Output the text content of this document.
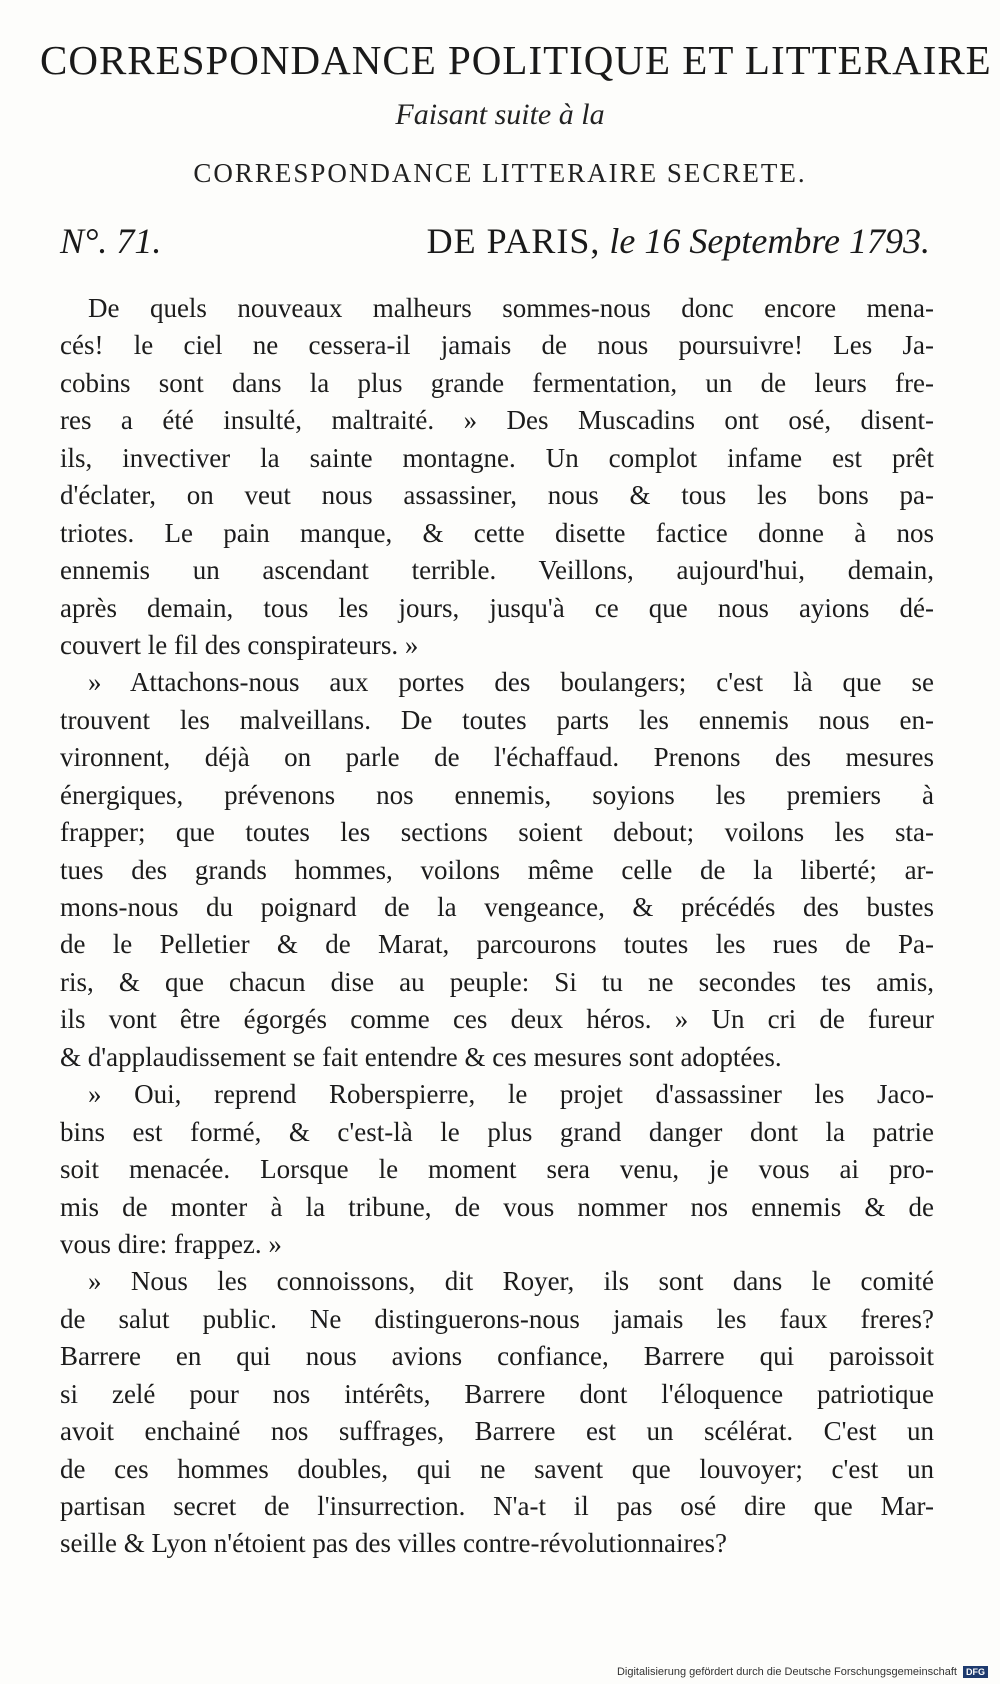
CORRESPONDANCE POLITIQUE ET LITTERAIRE
Faisant suite à la
CORRESPONDANCE LITTERAIRE SECRETE.
N°. 71.	DE PARIS, le 16 Septembre 1793.
De quels nouveaux malheurs sommes-nous donc encore mena-
cés! le ciel ne cessera-il jamais de nous poursuivre! Les Ja-
cobins sont dans la plus grande fermentation, un de leurs fre-
res a été insulté, maltraité. » Des Muscadins ont osé, disent-
ils, invectiver la sainte montagne. Un complot infame est prêt
d'éclater, on veut nous assassiner, nous & tous les bons pa-
triotes. Le pain manque, & cette disette factice donne à nos
ennemis un ascendant terrible. Veillons, aujourd'hui, demain,
après demain, tous les jours, jusqu'à ce que nous ayions dé-
couvert le fil des conspirateurs. »
» Attachons-nous aux portes des boulangers; c'est là que se
trouvent les malveillans. De toutes parts les ennemis nous en-
vironnent, déjà on parle de l'échaffaud. Prenons des mesures
énergiques, prévenons nos ennemis, soyions les premiers à
frapper; que toutes les sections soient debout; voilons les sta-
tues des grands hommes, voilons même celle de la liberté; ar-
mons-nous du poignard de la vengeance, & précédés des bustes
de le Pelletier & de Marat, parcourons toutes les rues de Pa-
ris, & que chacun dise au peuple: Si tu ne secondes tes amis,
ils vont être égorgés comme ces deux héros. » Un cri de fureur
& d'applaudissement se fait entendre & ces mesures sont adoptées.
» Oui, reprend Roberspierre, le projet d'assassiner les Jaco-
bins est formé, & c'est-là le plus grand danger dont la patrie
soit menacée. Lorsque le moment sera venu, je vous ai pro-
mis de monter à la tribune, de vous nommer nos ennemis & de
vous dire: frappez. »
» Nous les connoissons, dit Royer, ils sont dans le comité
de salut public. Ne distinguerons-nous jamais les faux freres?
Barrere en qui nous avions confiance, Barrere qui paroissoit
si zelé pour nos intérêts, Barrere dont l'éloquence patriotique
avoit enchainé nos suffrages, Barrere est un scélérat. C'est un
de ces hommes doubles, qui ne savent que louvoyer; c'est un
partisan secret de l'insurrection. N'a-t il pas osé dire que Mar-
seille & Lyon n'étoient pas des villes contre-révolutionnaires?
Digitalisierung gefördert durch die Deutsche Forschungsgemeinschaft DFG
